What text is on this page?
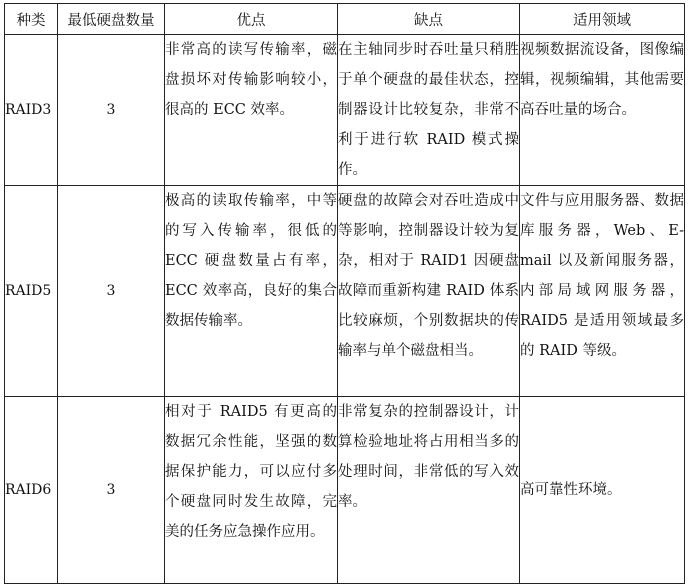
种类	最低硬盘数量	优点	缺点	适用领域
RAID3	3	非常高的读写传输率，磁盘损坏对传输影响较小，很高的 ECC 效率。	在主轴同步时吞吐量只稍胜于单个硬盘的最佳状态，控制器设计比较复杂，非常不利于进行软 RAID 模式操作。	视频数据流设备，图像编辑，视频编辑，其他需要高吞吐量的场合。
RAID5	3	极高的读取传输率，中等的写入传输率，很低的 ECC 硬盘数量占有率，ECC 效率高，良好的集合数据传输率。	硬盘的故障会对吞吐造成中等影响，控制器设计较为复杂，相对于 RAID1 因硬盘故障而重新构建 RAID 体系比较麻烦，个别数据块的传输率与单个磁盘相当。	文件与应用服务器、数据库服务器，Web、E-mail 以及新闻服务器，内部局域网服务器，RAID5 是适用领域最多的 RAID 等级。
RAID6	3	相对于 RAID5 有更高的数据冗余性能，坚强的数据保护能力，可以应付多个硬盘同时发生故障，完美的任务应急操作应用。	非常复杂的控制器设计，计算检验地址将占用相当多的处理时间，非常低的写入效率。	高可靠性环境。
